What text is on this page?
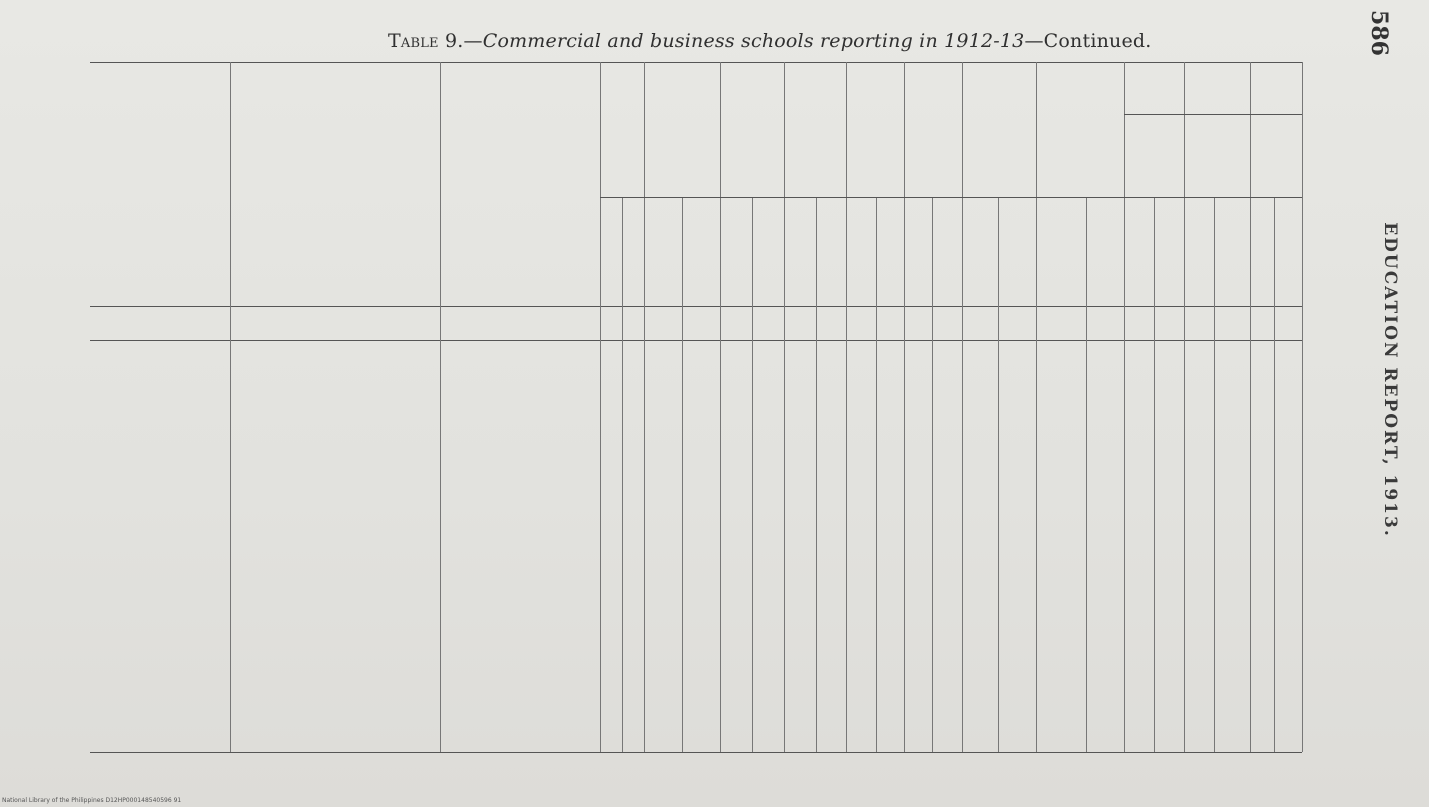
Table 9.—Commercial and business schools reporting in 1912-13—Continued.	586
EDUCATION REPORT, 1913.
National Library of the Philippines D12HP000148540596 91
